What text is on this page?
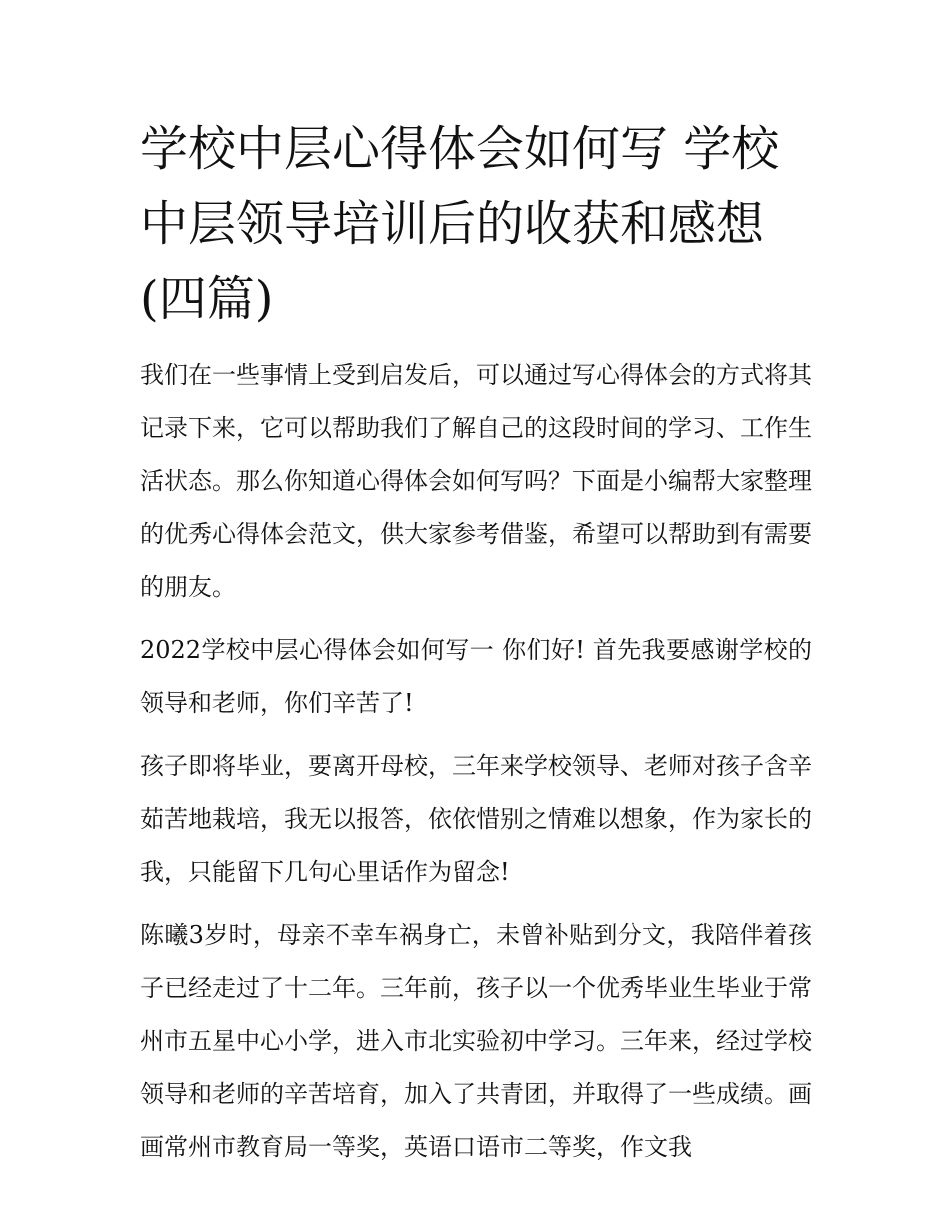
学校中层心得体会如何写 学校中层领导培训后的收获和感想(四篇)

我们在一些事情上受到启发后，可以通过写心得体会的方式将其记录下来，它可以帮助我们了解自己的这段时间的学习、工作生活状态。那么你知道心得体会如何写吗？下面是小编帮大家整理的优秀心得体会范文，供大家参考借鉴，希望可以帮助到有需要的朋友。

2022学校中层心得体会如何写一 你们好! 首先我要感谢学校的领导和老师，你们辛苦了!

孩子即将毕业，要离开母校，三年来学校领导、老师对孩子含辛茹苦地栽培，我无以报答，依依惜别之情难以想象，作为家长的我，只能留下几句心里话作为留念!

陈曦3岁时，母亲不幸车祸身亡，未曾补贴到分文，我陪伴着孩子已经走过了十二年。三年前，孩子以一个优秀毕业生毕业于常州市五星中心小学，进入市北实验初中学习。三年来，经过学校领导和老师的辛苦培育，加入了共青团，并取得了一些成绩。画画常州市教育局一等奖，英语口语市二等奖，作文我
